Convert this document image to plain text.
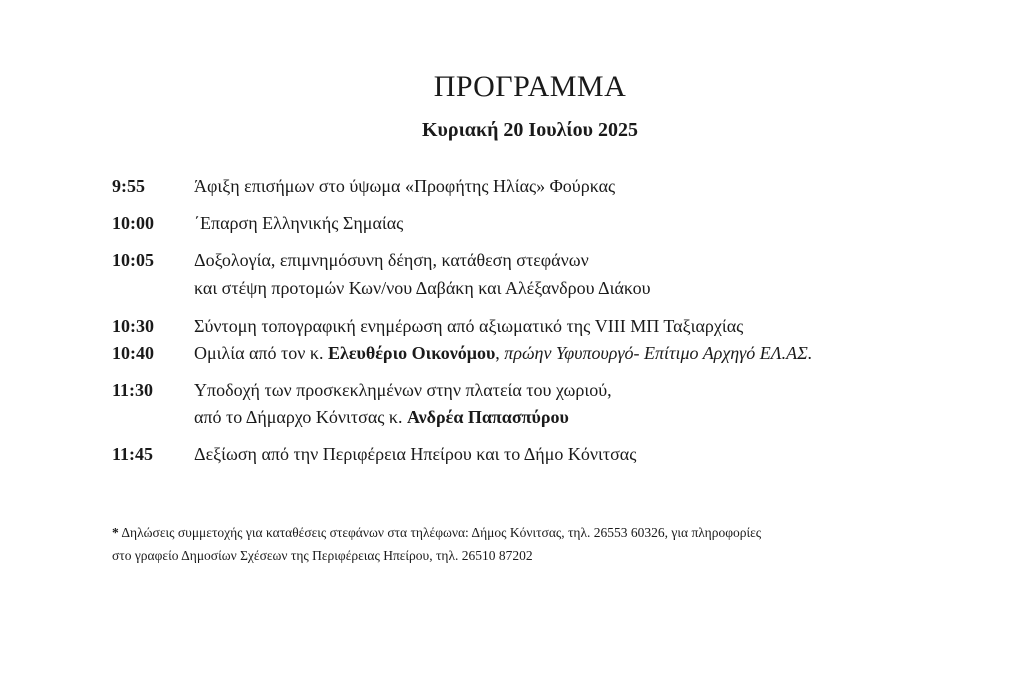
ΠΡΟΓΡΑΜΜΑ
Κυριακή 20 Ιουλίου 2025
9:55	Άφιξη επισήμων στο ύψωμα «Προφήτης Ηλίας» Φούρκας
10:00	΄Επαρση Ελληνικής Σημαίας
10:05	Δοξολογία, επιμνημόσυνη δέηση, κατάθεση στεφάνων
και στέψη προτομών Κων/νου Δαβάκη και Αλέξανδρου Διάκου
10:30	Σύντομη τοπογραφική ενημέρωση από αξιωματικό της VIII ΜΠ Ταξιαρχίας
10:40	Ομιλία από τον κ. Ελευθέριο Οικονόμου, πρώην Υφυπουργό- Επίτιμο Αρχηγό ΕΛ.ΑΣ.
11:30	Υποδοχή των προσκεκλημένων στην πλατεία του χωριού,
από το Δήμαρχο Κόνιτσας κ. Ανδρέα Παπασπύρου
11:45	Δεξίωση από την Περιφέρεια Ηπείρου και το Δήμο Κόνιτσας
* Δηλώσεις συμμετοχής για καταθέσεις στεφάνων στα τηλέφωνα: Δήμος Κόνιτσας, τηλ. 26553 60326, για πληροφορίες
στο γραφείο Δημοσίων Σχέσεων της Περιφέρειας Ηπείρου, τηλ. 26510 87202
